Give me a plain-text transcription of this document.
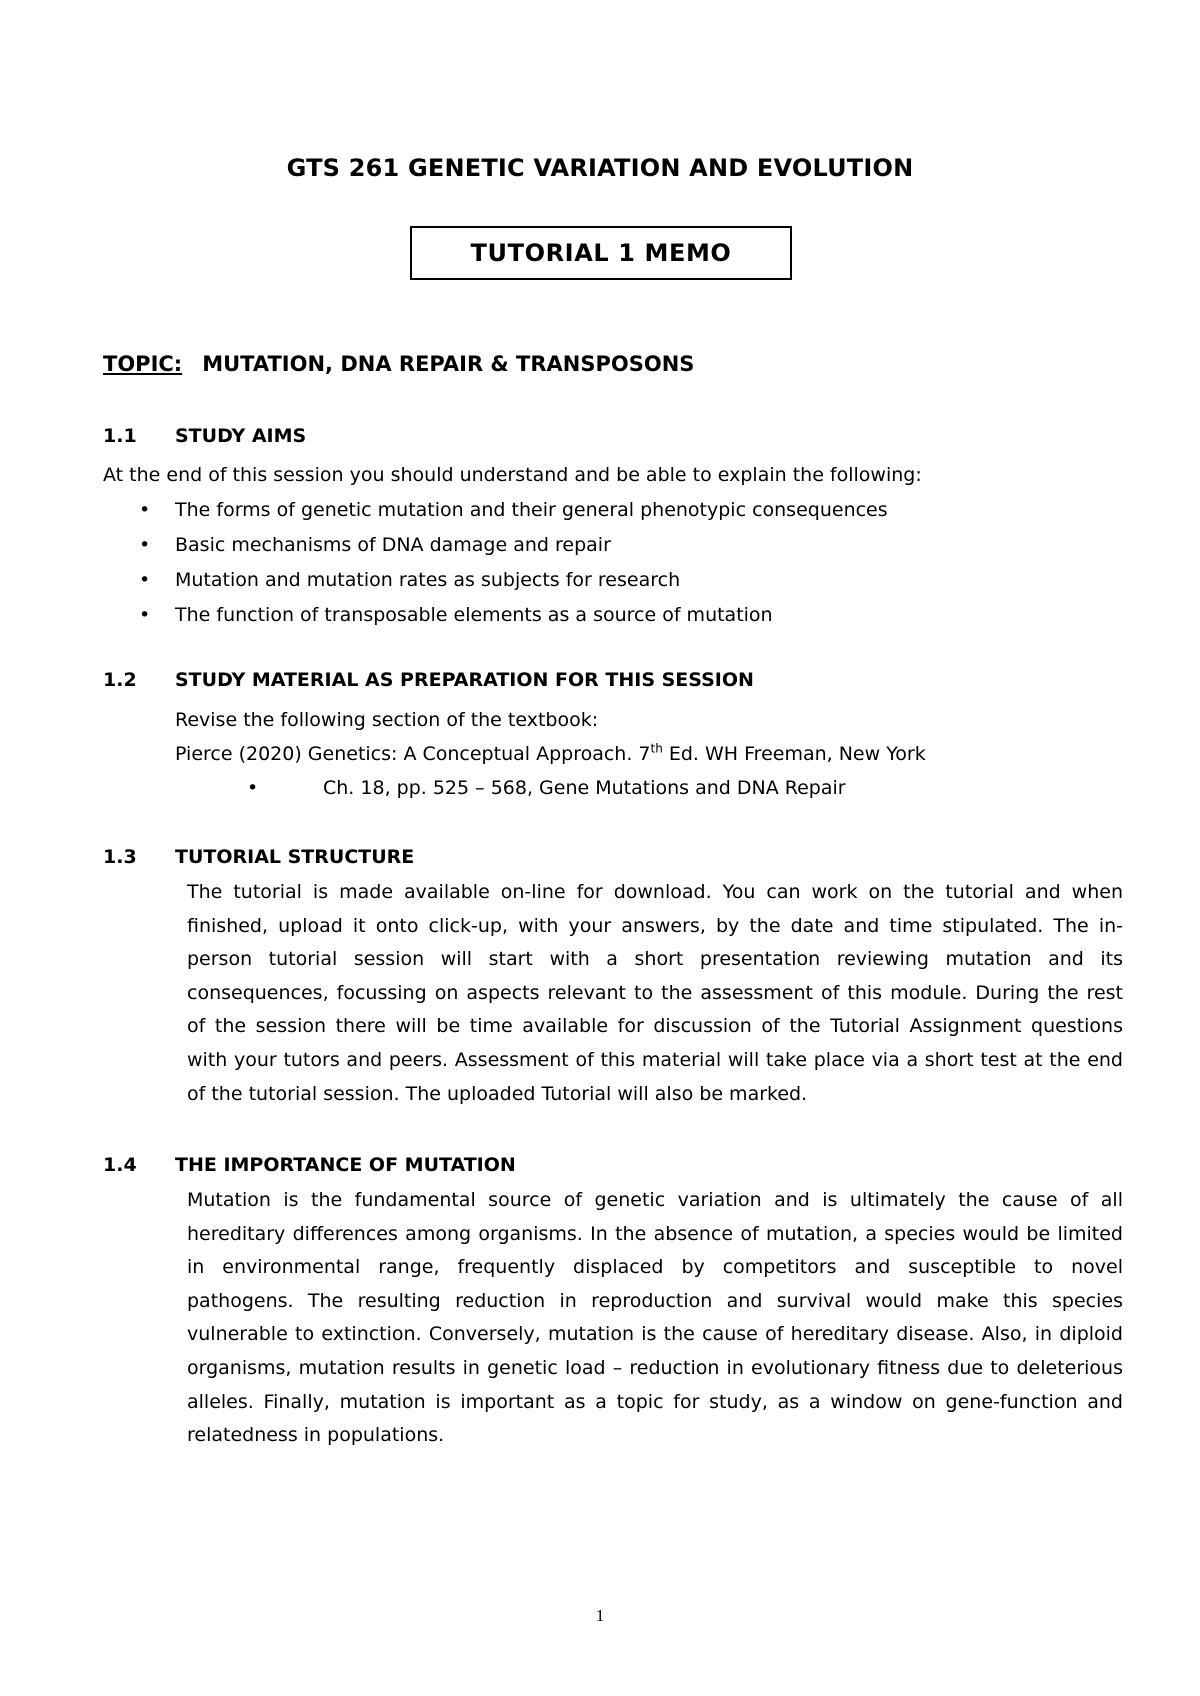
GTS 261 GENETIC VARIATION AND EVOLUTION
TUTORIAL 1 MEMO
TOPIC: MUTATION, DNA REPAIR & TRANSPOSONS
1.1 STUDY AIMS
At the end of this session you should understand and be able to explain the following:
• The forms of genetic mutation and their general phenotypic consequences
• Basic mechanisms of DNA damage and repair
• Mutation and mutation rates as subjects for research
• The function of transposable elements as a source of mutation
1.2 STUDY MATERIAL AS PREPARATION FOR THIS SESSION
Revise the following section of the textbook:
Pierce (2020) Genetics: A Conceptual Approach. 7th Ed. WH Freeman, New York
•	Ch. 18, pp. 525 – 568, Gene Mutations and DNA Repair
1.3 TUTORIAL STRUCTURE
The tutorial is made available on-line for download. You can work on the tutorial and when
finished, upload it onto click-up, with your answers, by the date and time stipulated. The in-
person tutorial session will start with a short presentation reviewing mutation and its
consequences, focussing on aspects relevant to the assessment of this module. During the rest
of the session there will be time available for discussion of the Tutorial Assignment questions
with your tutors and peers. Assessment of this material will take place via a short test at the end
of the tutorial session. The uploaded Tutorial will also be marked.
1.4 THE IMPORTANCE OF MUTATION
Mutation is the fundamental source of genetic variation and is ultimately the cause of all
hereditary differences among organisms. In the absence of mutation, a species would be limited
in environmental range, frequently displaced by competitors and susceptible to novel
pathogens. The resulting reduction in reproduction and survival would make this species
vulnerable to extinction. Conversely, mutation is the cause of hereditary disease. Also, in diploid
organisms, mutation results in genetic load – reduction in evolutionary fitness due to deleterious
alleles. Finally, mutation is important as a topic for study, as a window on gene-function and
relatedness in populations.
1
